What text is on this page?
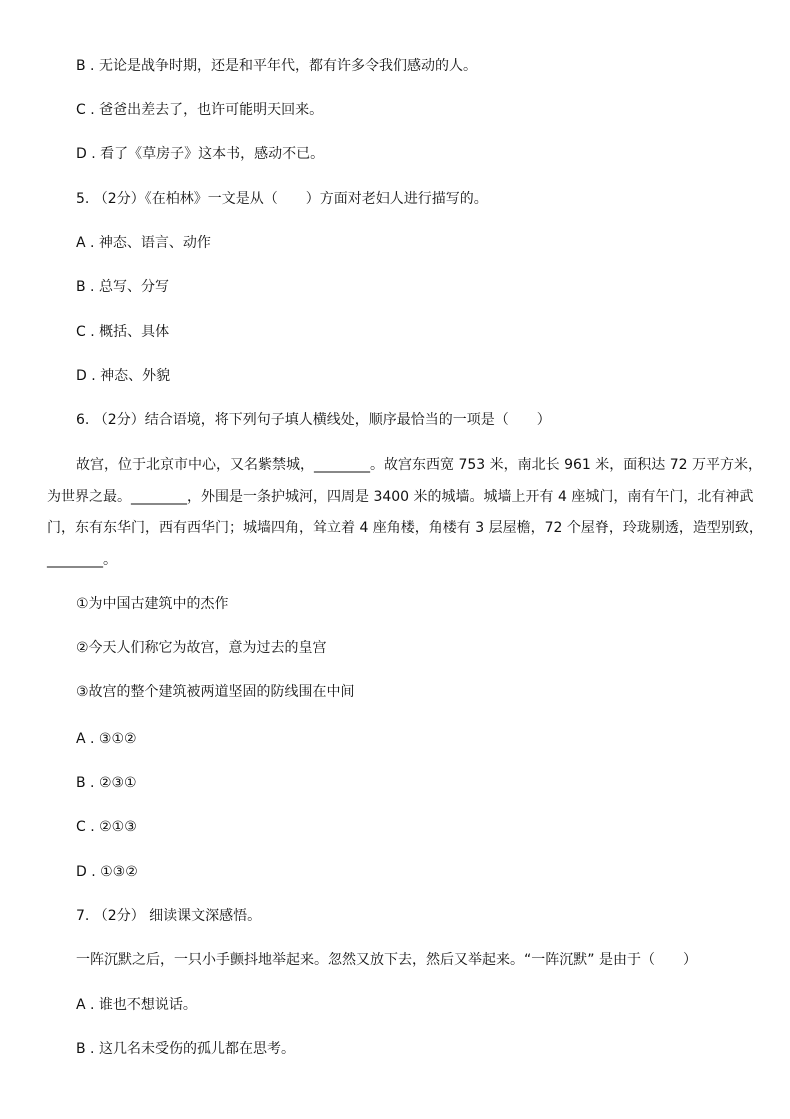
B . 无论是战争时期，还是和平年代，都有许多令我们感动的人。
C . 爸爸出差去了，也许可能明天回来。
D . 看了《草房子》这本书，感动不已。
5. （2分）《在柏林》一文是从（　　）方面对老妇人进行描写的。
A . 神态、语言、动作
B . 总写、分写
C . 概括、具体
D . 神态、外貌
6. （2分）结合语境，将下列句子填人横线处，顺序最恰当的一项是（　　）
故宫，位于北京市中心，又名紫禁城，________。故宫东西宽 753 米，南北长 961 米，面积达 72 万平方米，
为世界之最。________，外围是一条护城河，四周是 3400 米的城墙。城墙上开有 4 座城门，南有午门，北有神武
门，东有东华门，西有西华门；城墙四角，耸立着 4 座角楼，角楼有 3 层屋檐，72 个屋脊，玲珑剔透，造型别致，
________。
①为中国古建筑中的杰作
②今天人们称它为故宫，意为过去的皇宫
③故宫的整个建筑被两道坚固的防线围在中间
A . ③①②
B . ②③①
C . ②①③
D . ①③②
7. （2分） 细读课文深感悟。
一阵沉默之后，一只小手颤抖地举起来。忽然又放下去，然后又举起来。“一阵沉默” 是由于（　　）
A . 谁也不想说话。
B . 这几名未受伤的孤儿都在思考。
